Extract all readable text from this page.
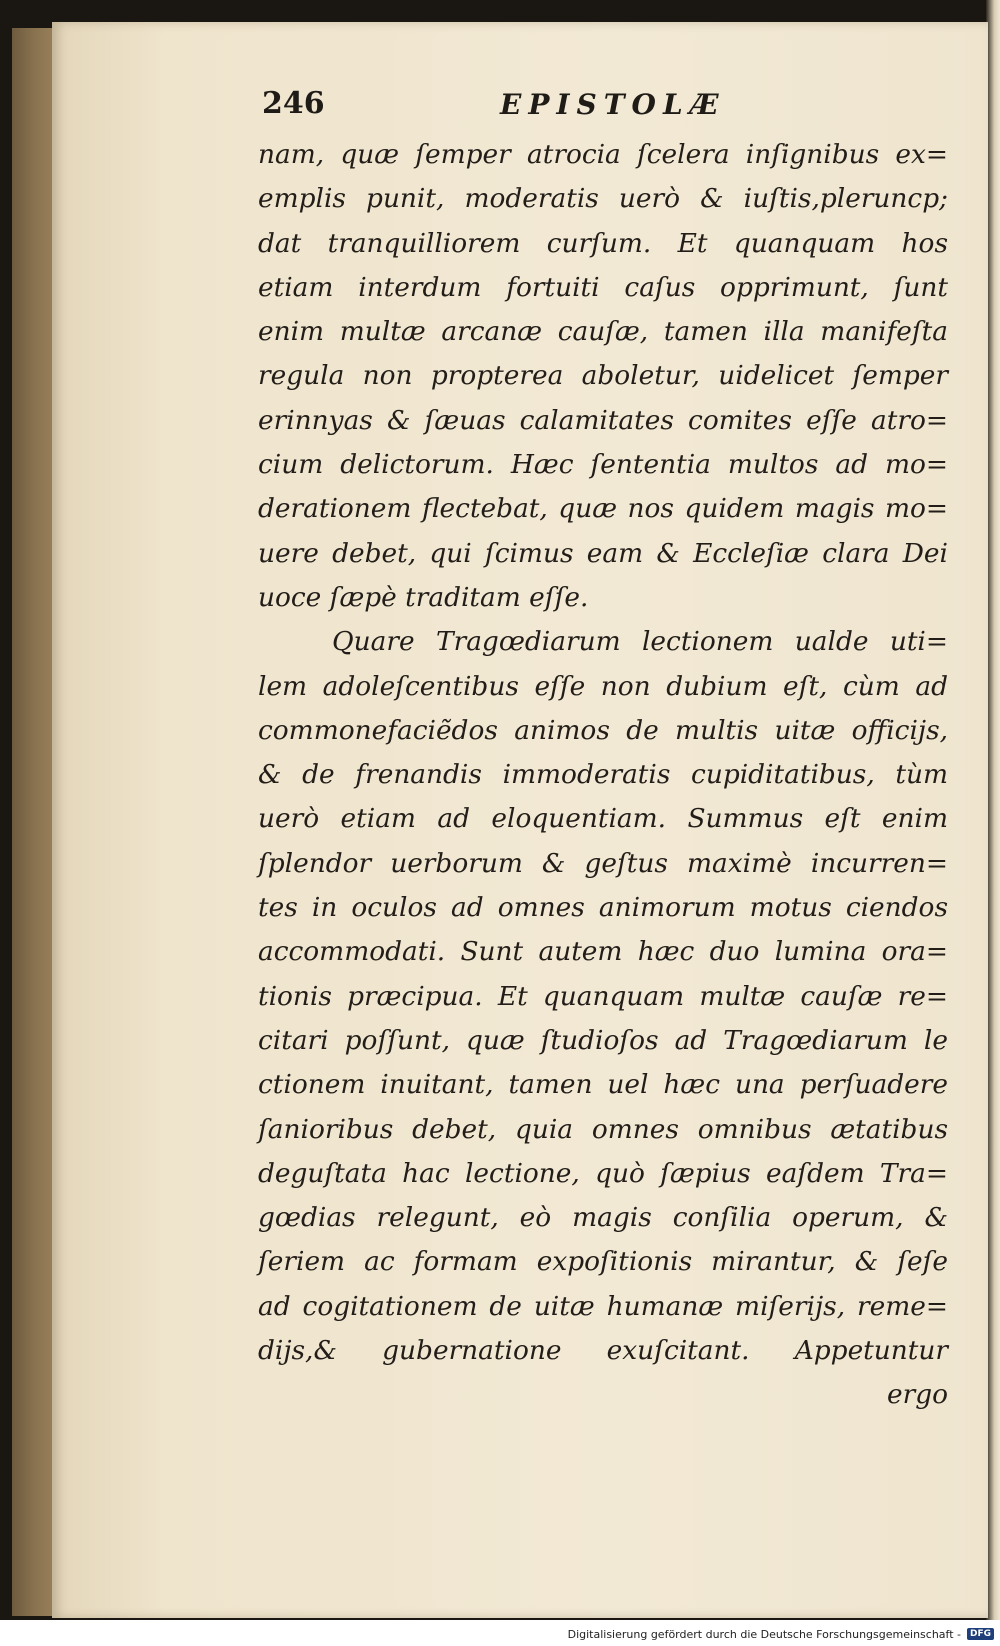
246	EPISTOLÆ
nam, quæ ſemper atrocia ſcelera inſignibus ex=
emplis punit, moderatis uerò & iuſtis,pleruncp;
dat tranquilliorem curſum. Et quanquam hos
etiam interdum fortuiti caſus opprimunt, ſunt
enim multæ arcanæ cauſæ, tamen illa manifeſta
regula non propterea aboletur, uidelicet ſemper
erinnyas & ſæuas calamitates comites eſſe atro=
cium delictorum. Hæc ſententia multos ad mo=
derationem flectebat, quæ nos quidem magis mo=
uere debet, qui ſcimus eam & Eccleſiæ clara Dei
uoce ſæpè traditam eſſe.
Quare Tragœdiarum lectionem ualde uti=
lem adoleſcentibus eſſe non dubium eſt, cùm ad
commonefaciẽdos animos de multis uitæ officijs,
& de frenandis immoderatis cupiditatibus, tùm
uerò etiam ad eloquentiam. Summus eſt enim
ſplendor uerborum & geſtus maximè incurren=
tes in oculos ad omnes animorum motus ciendos
accommodati. Sunt autem hæc duo lumina ora=
tionis præcipua. Et quanquam multæ cauſæ re=
citari poſſunt, quæ ſtudioſos ad Tragœdiarum le
ctionem inuitant, tamen uel hæc una perſuadere
ſanioribus debet, quia omnes omnibus ætatibus
deguſtata hac lectione, quò ſæpius eaſdem Tra=
gœdias relegunt, eò magis conſilia operum, &
ſeriem ac formam expoſitionis mirantur, & ſeſe
ad cogitationem de uitæ humanæ miſerijs, reme=
dijs,& gubernatione exuſcitant. Appetuntur
ergo
Digitalisierung gefördert durch die Deutsche Forschungsgemeinschaft -	DFG
